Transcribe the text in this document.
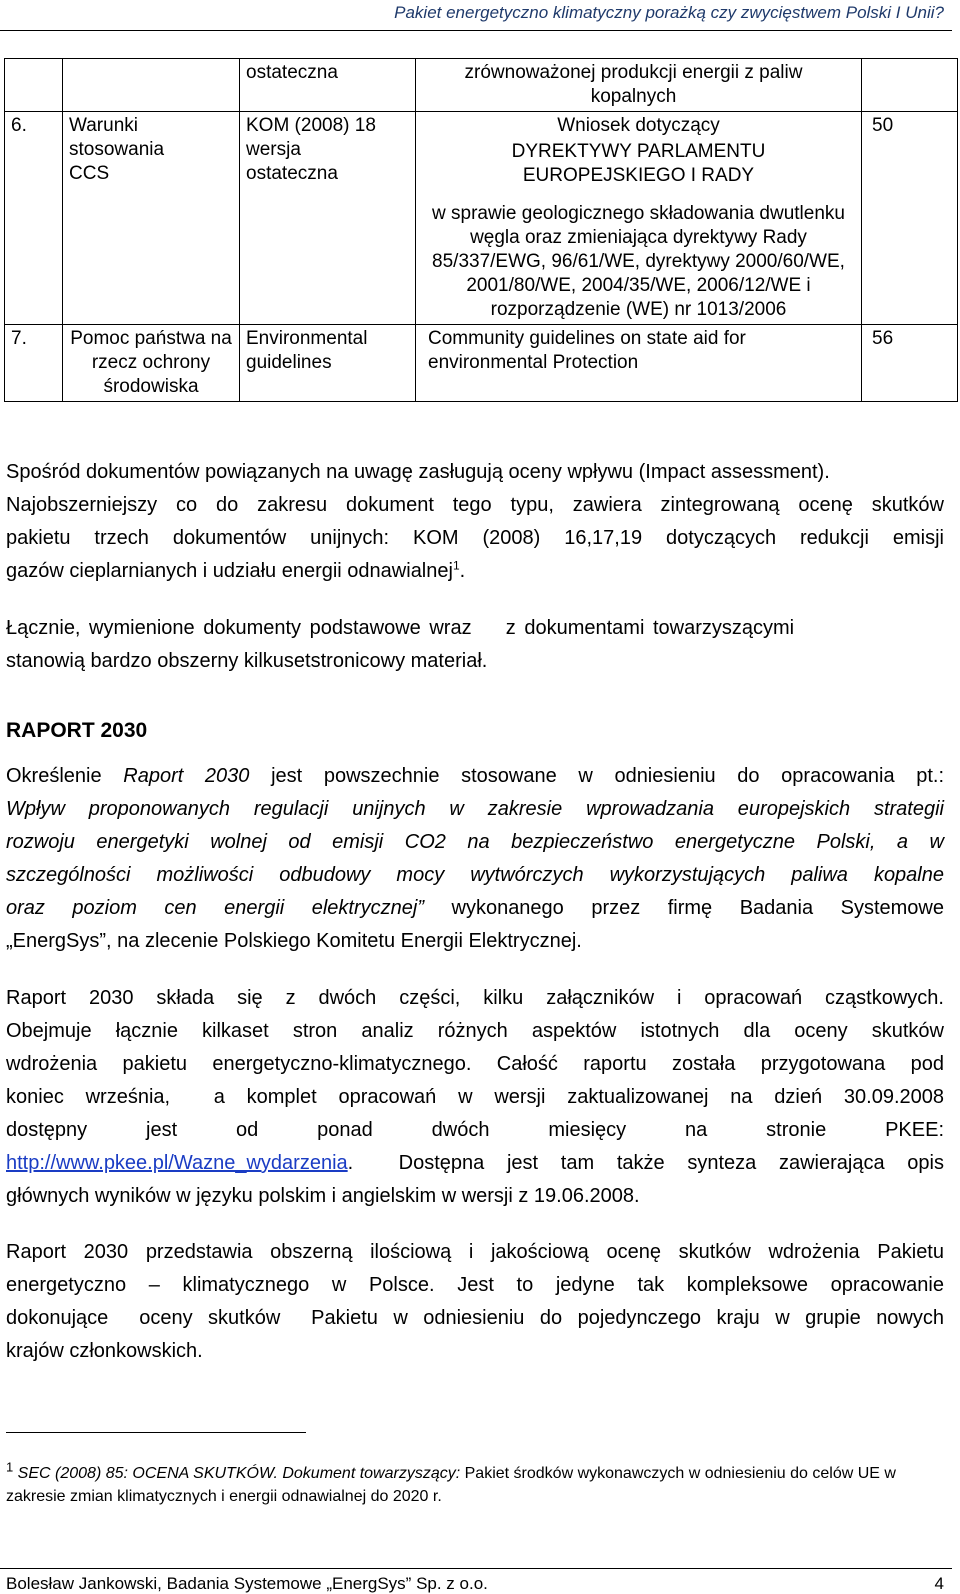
Pakiet energetyczno klimatyczny porażką czy zwycięstwem Polski I Unii?

		ostateczna	zrównoważonej produkcji energii z paliw kopalnych	

6.	Warunki stosowania CCS	KOM (2008) 18 wersja ostateczna	Wniosek dotyczący
DYREKTYWY PARLAMENTU EUROPEJSKIEGO I RADY
w sprawie geologicznego składowania dwutlenku węgla oraz zmieniająca dyrektywy Rady 85/337/EWG, 96/61/WE, dyrektywy 2000/60/WE, 2001/80/WE, 2004/35/WE, 2006/12/WE i rozporządzenie (WE) nr 1013/2006	50

7.	Pomoc państwa na rzecz ochrony środowiska	Environmental guidelines	Community guidelines on state aid for environmental Protection	56
Spośród dokumentów powiązanych na uwagę zasługują oceny wpływu (Impact assessment).
Najobszerniejszy co do zakresu dokument tego typu, zawiera zintegrowaną ocenę skutków
pakietu trzech dokumentów unijnych: KOM (2008) 16,17,19 dotyczących redukcji emisji
gazów cieplarnianych i udziału energii odnawialnej$^1$.
Łącznie, wymienione dokumenty podstawowe wraz    z dokumentami towarzyszącymi
stanowią bardzo obszerny kilkusetstronicowy materiał.
RAPORT 2030
Określenie Raport 2030 jest powszechnie stosowane w odniesieniu do opracowania pt.:
Wpływ proponowanych regulacji unijnych w zakresie wprowadzania europejskich strategii
rozwoju energetyki wolnej od emisji CO2 na bezpieczeństwo energetyczne Polski, a w
szczególności możliwości odbudowy mocy wytwórczych wykorzystujących paliwa kopalne
oraz poziom cen energii elektrycznej” wykonanego przez firmę Badania Systemowe
„EnergSys”, na zlecenie Polskiego Komitetu Energii Elektrycznej.
Raport 2030 składa się z dwóch części, kilku załączników i opracowań cząstkowych.
Obejmuje łącznie kilkaset stron analiz różnych aspektów istotnych dla oceny skutków
wdrożenia pakietu energetyczno-klimatycznego. Całość raportu została przygotowana pod
koniec września,  a komplet opracowań w wersji zaktualizowanej na dzień 30.09.2008
dostępny jest od ponad dwóch miesięcy na stronie PKEE:
http://www.pkee.pl/Wazne_wydarzenia.  Dostępna jest tam także synteza zawierająca opis
głównych wyników w języku polskim i angielskim w wersji z 19.06.2008.
Raport 2030 przedstawia obszerną ilościową i jakościową ocenę skutków wdrożenia Pakietu
energetyczno – klimatycznego w Polsce. Jest to jedyne tak kompleksowe opracowanie
dokonujące  oceny skutków  Pakietu w odniesieniu do pojedynczego kraju w grupie nowych
krajów członkowskich.
$^1$ SEC (2008) 85: OCENA SKUTKÓW. Dokument towarzyszący: Pakiet środków wykonawczych w odniesieniu do celów UE w zakresie zmian klimatycznych i energii odnawialnej do 2020 r.
Bolesław Jankowski, Badania Systemowe „EnergSys” Sp. z o.o.	4
